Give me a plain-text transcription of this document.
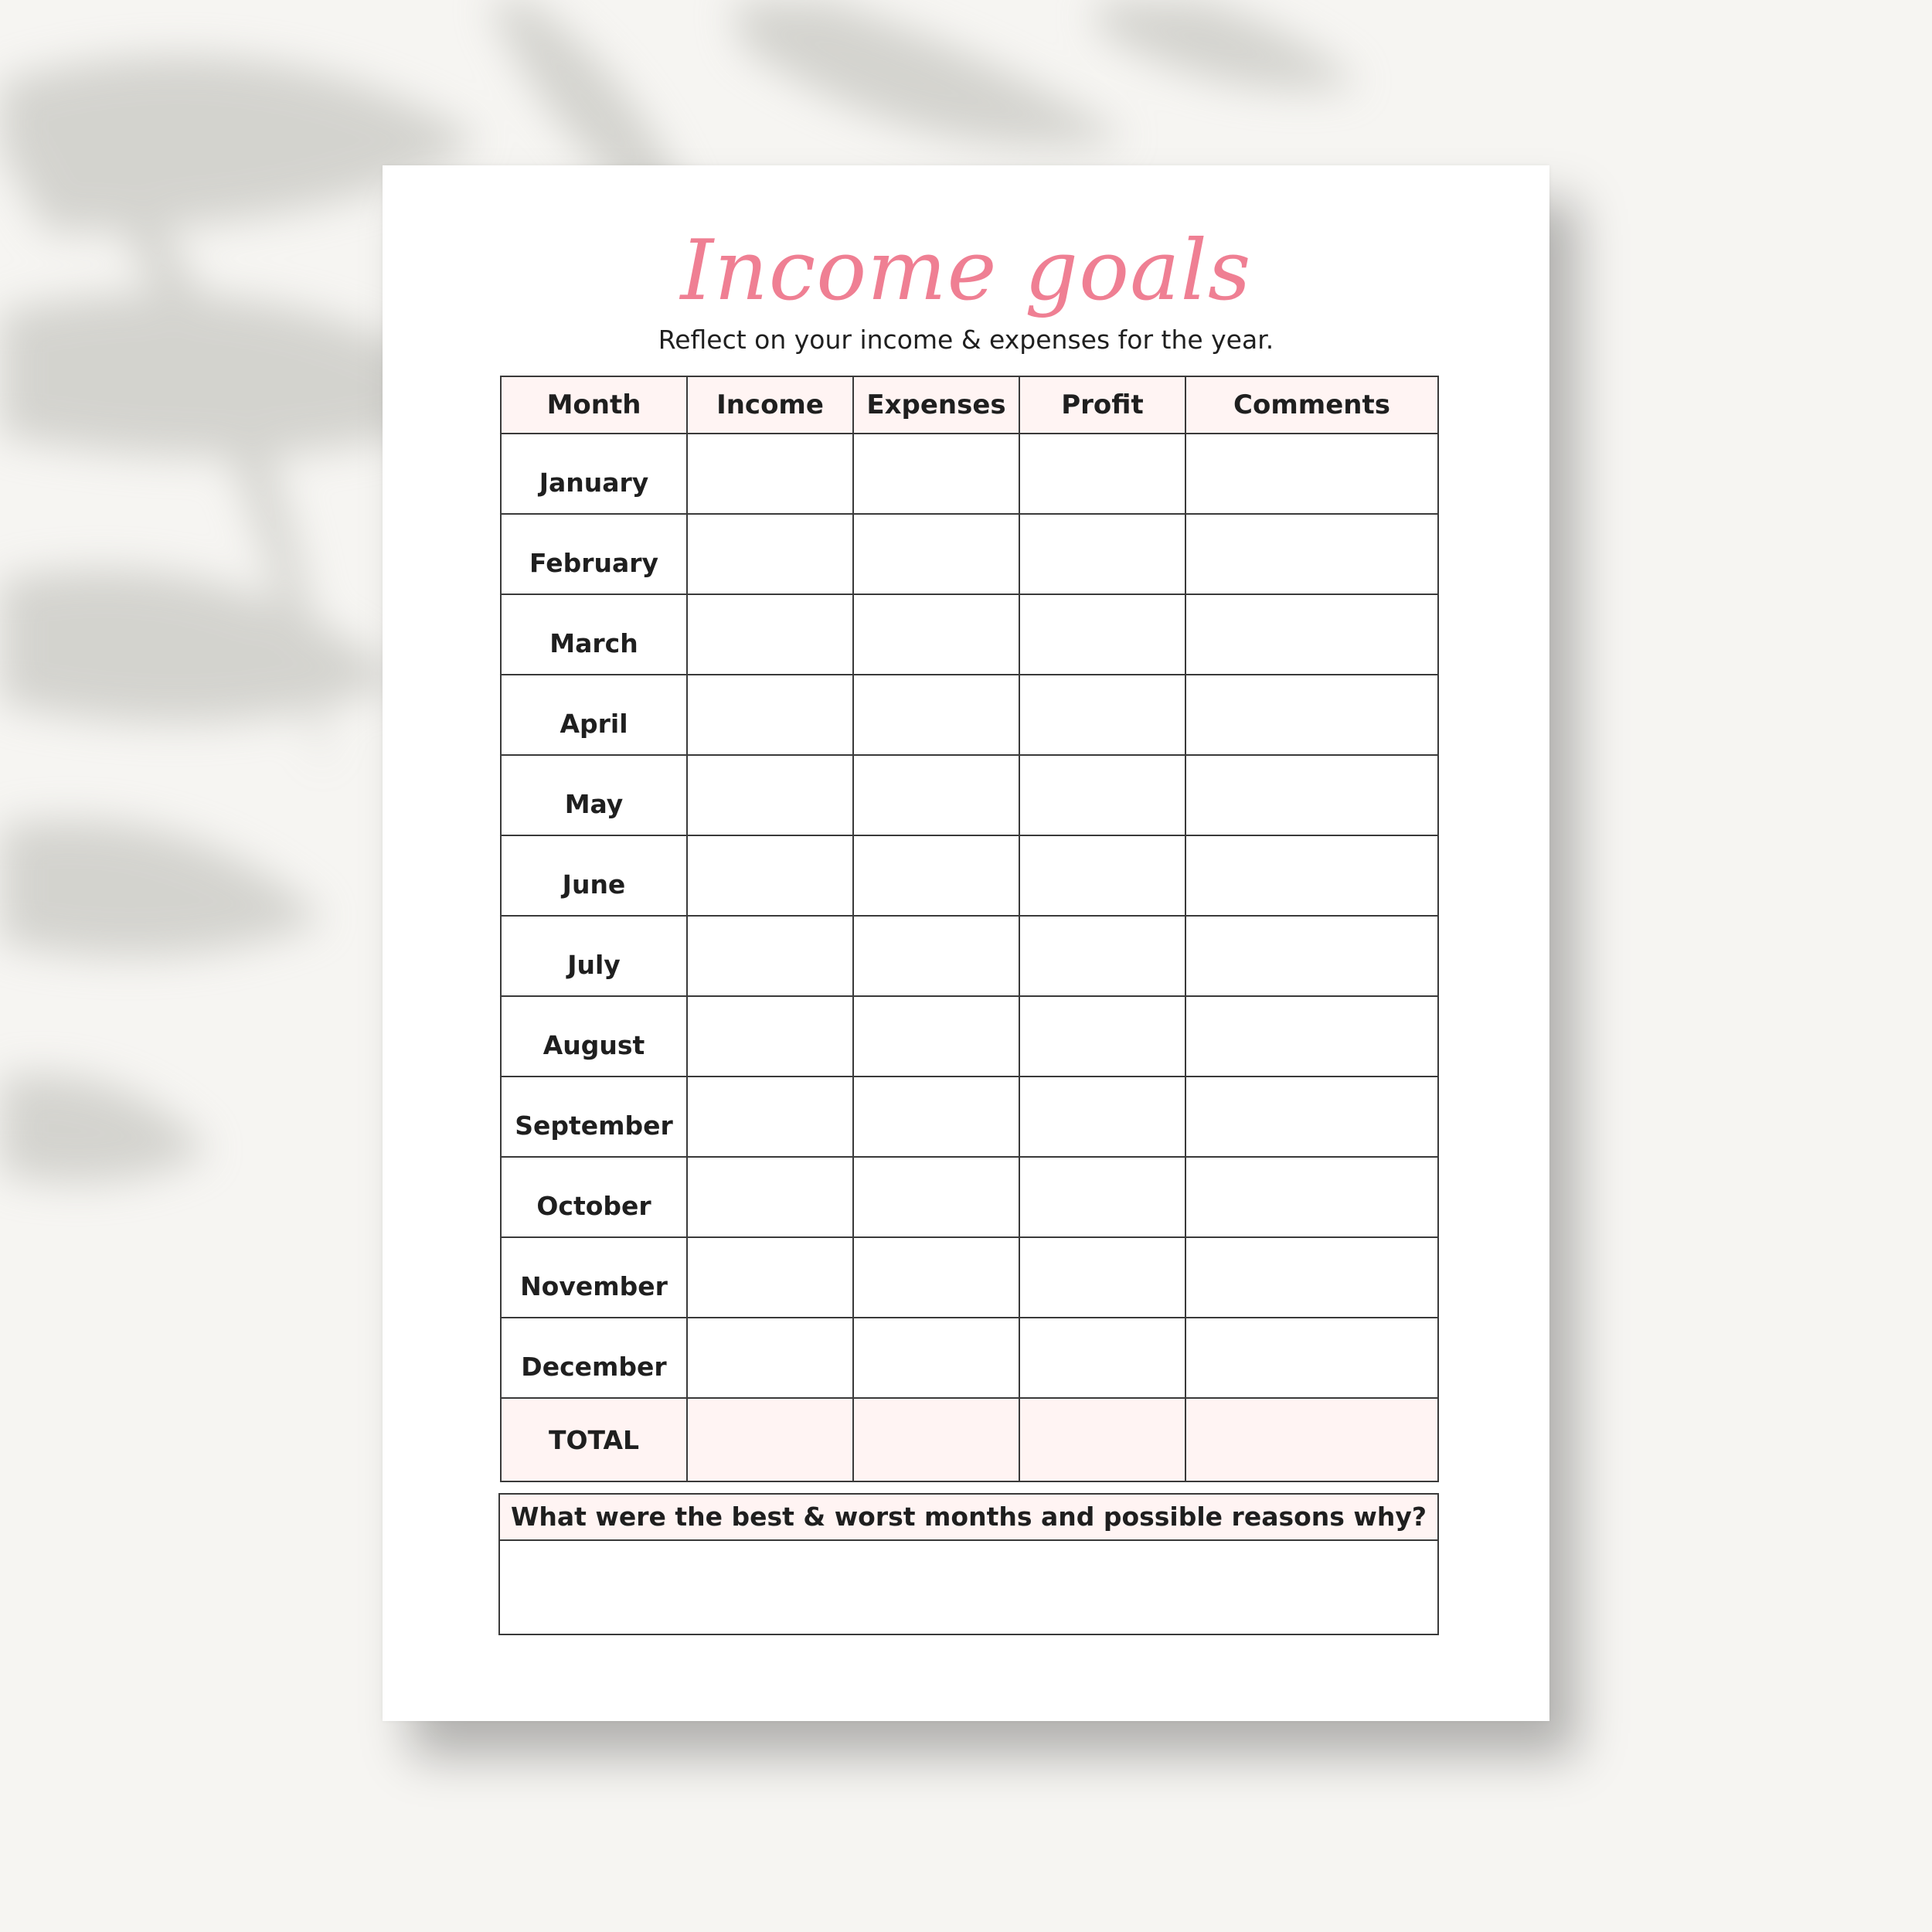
Income goals
Reflect on your income & expenses for the year.
Month	Income	Expenses	Profit	Comments
January				
February				
March				
April				
May				
June				
July				
August				
September				
October				
November				
December				
TOTAL				
What were the best & worst months and possible reasons why?
